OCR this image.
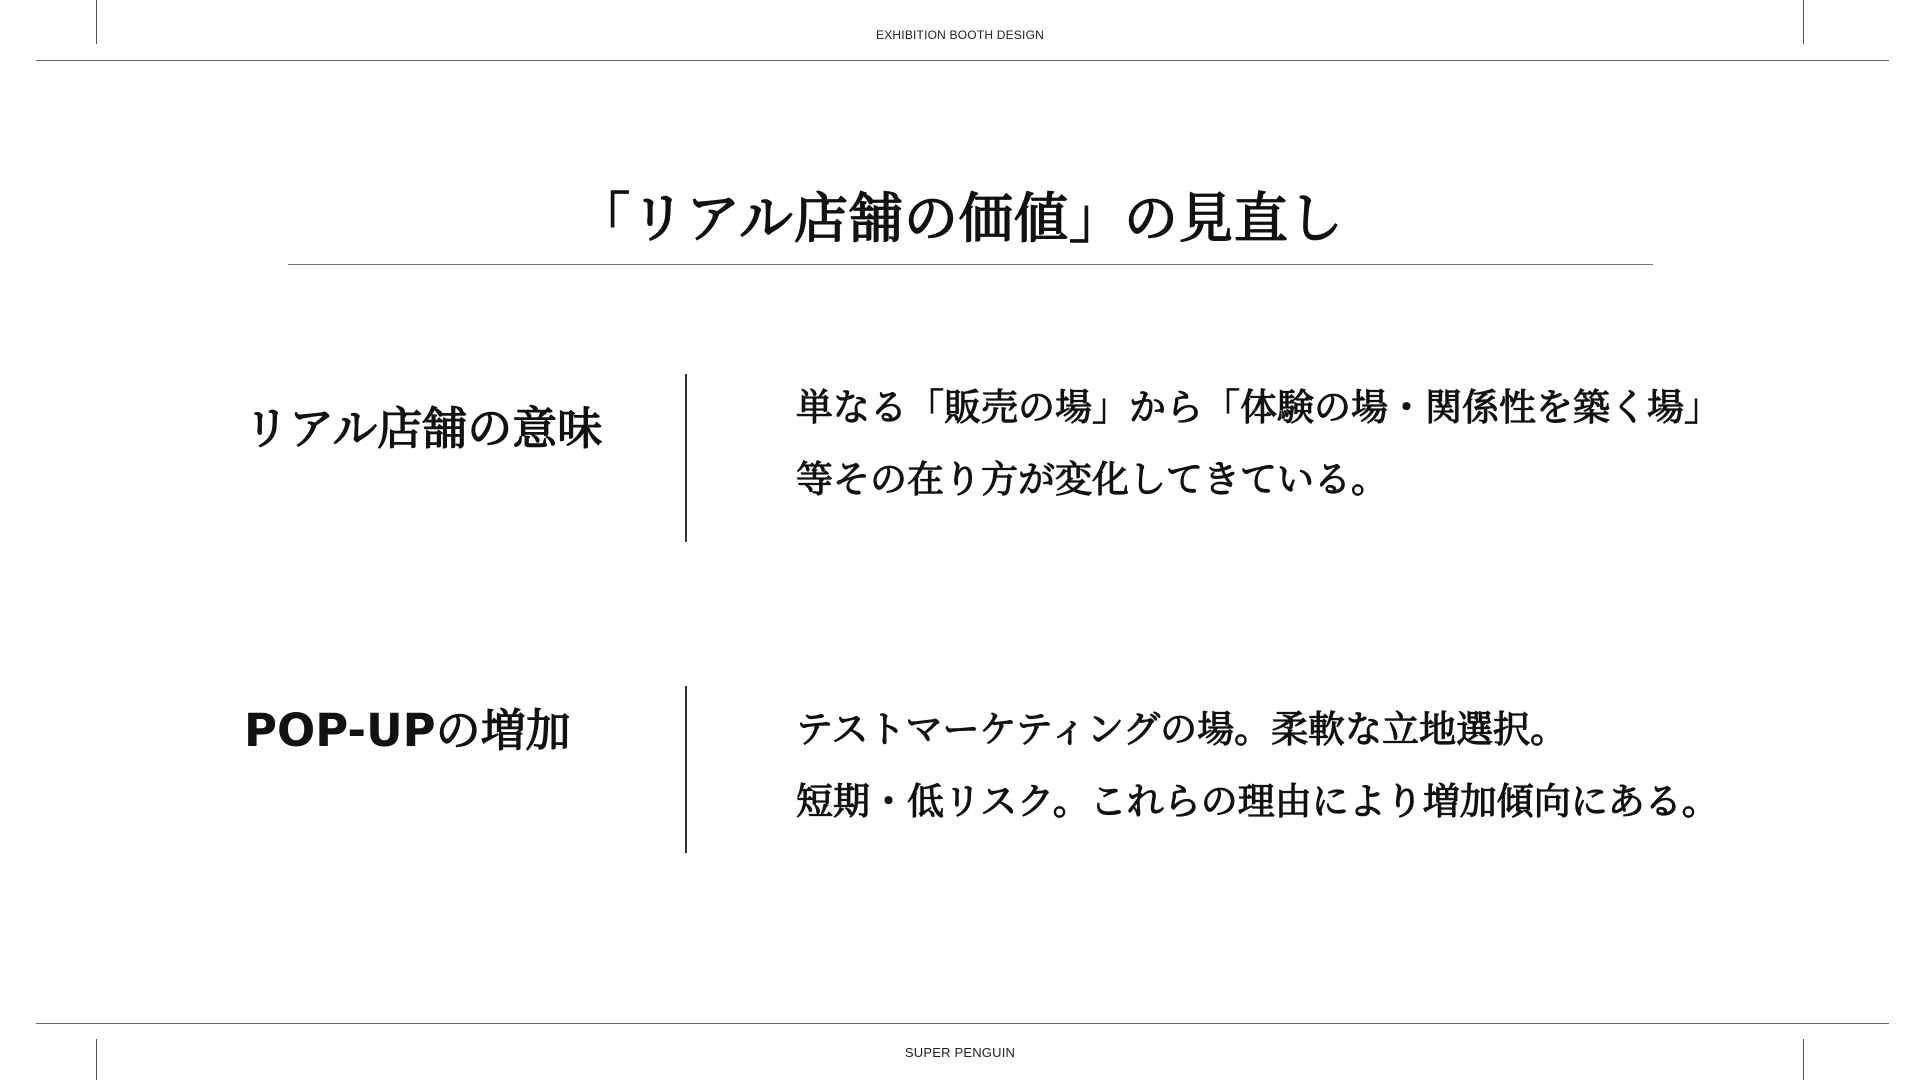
EXHIBITION BOOTH DESIGN
SUPER PENGUIN
「リアル店舗の価値」の見直し
リアル店舗の意味	単なる「販売の場」から「体験の場・関係性を築く場」
等その在り方が変化してきている。
POP-UPの増加	テストマーケティングの場。柔軟な立地選択。
短期・低リスク。これらの理由により増加傾向にある。
